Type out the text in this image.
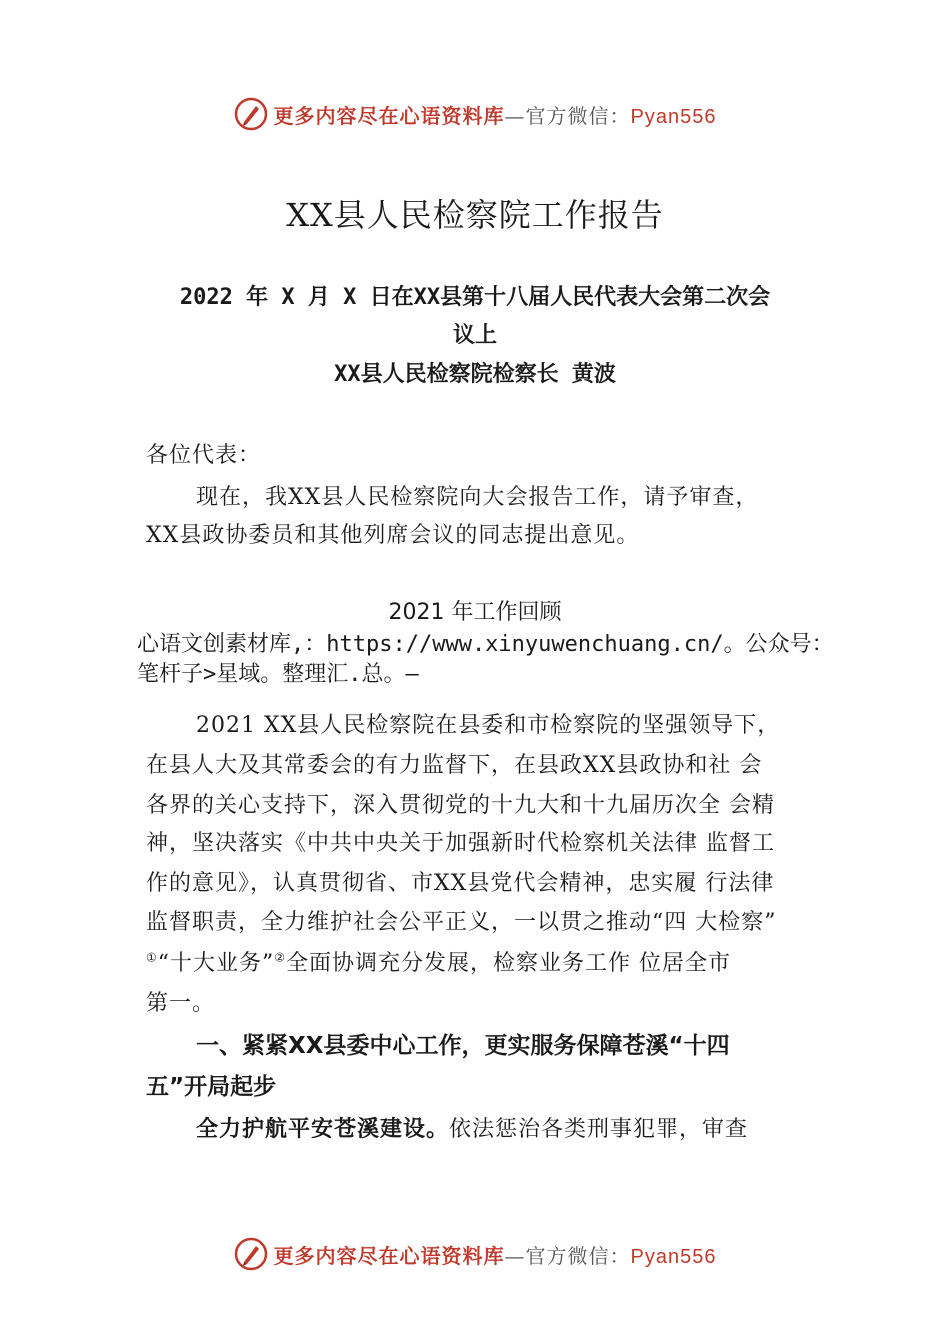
更多内容尽在心语资料库—官方微信：Pyan556
XX县人民检察院工作报告
2022 年 X 月 X 日在XX县第十八届人民代表大会第二次会
议上
XX县人民检察院检察长 黄波
各位代表：
现在，我XX县人民检察院向大会报告工作，请予审查，
XX县政协委员和其他列席会议的同志提出意见。
2021 年工作回顾
心语文创素材库,：https://www.xinyuwenchuang.cn/。公众号：
笔杆子>星域。整理汇.总。—
2021 XX县人民检察院在县委和市检察院的坚强领导下，
在县人大及其常委会的有力监督下，在县政XX县政协和社 会
各界的关心支持下，深入贯彻党的十九大和十九届历次全 会精
神，坚决落实《中共中央关于加强新时代检察机关法律 监督工
作的意见》，认真贯彻省、市XX县党代会精神，忠实履 行法律
监督职责，全力维护社会公平正义，一以贯之推动“四 大检察”
①“十大业务”②全面协调充分发展，检察业务工作 位居全市
第一。
一、紧紧XX县委中心工作，更实服务保障苍溪“十四
五”开局起步
全力护航平安苍溪建设。依法惩治各类刑事犯罪，审查
更多内容尽在心语资料库—官方微信：Pyan556
